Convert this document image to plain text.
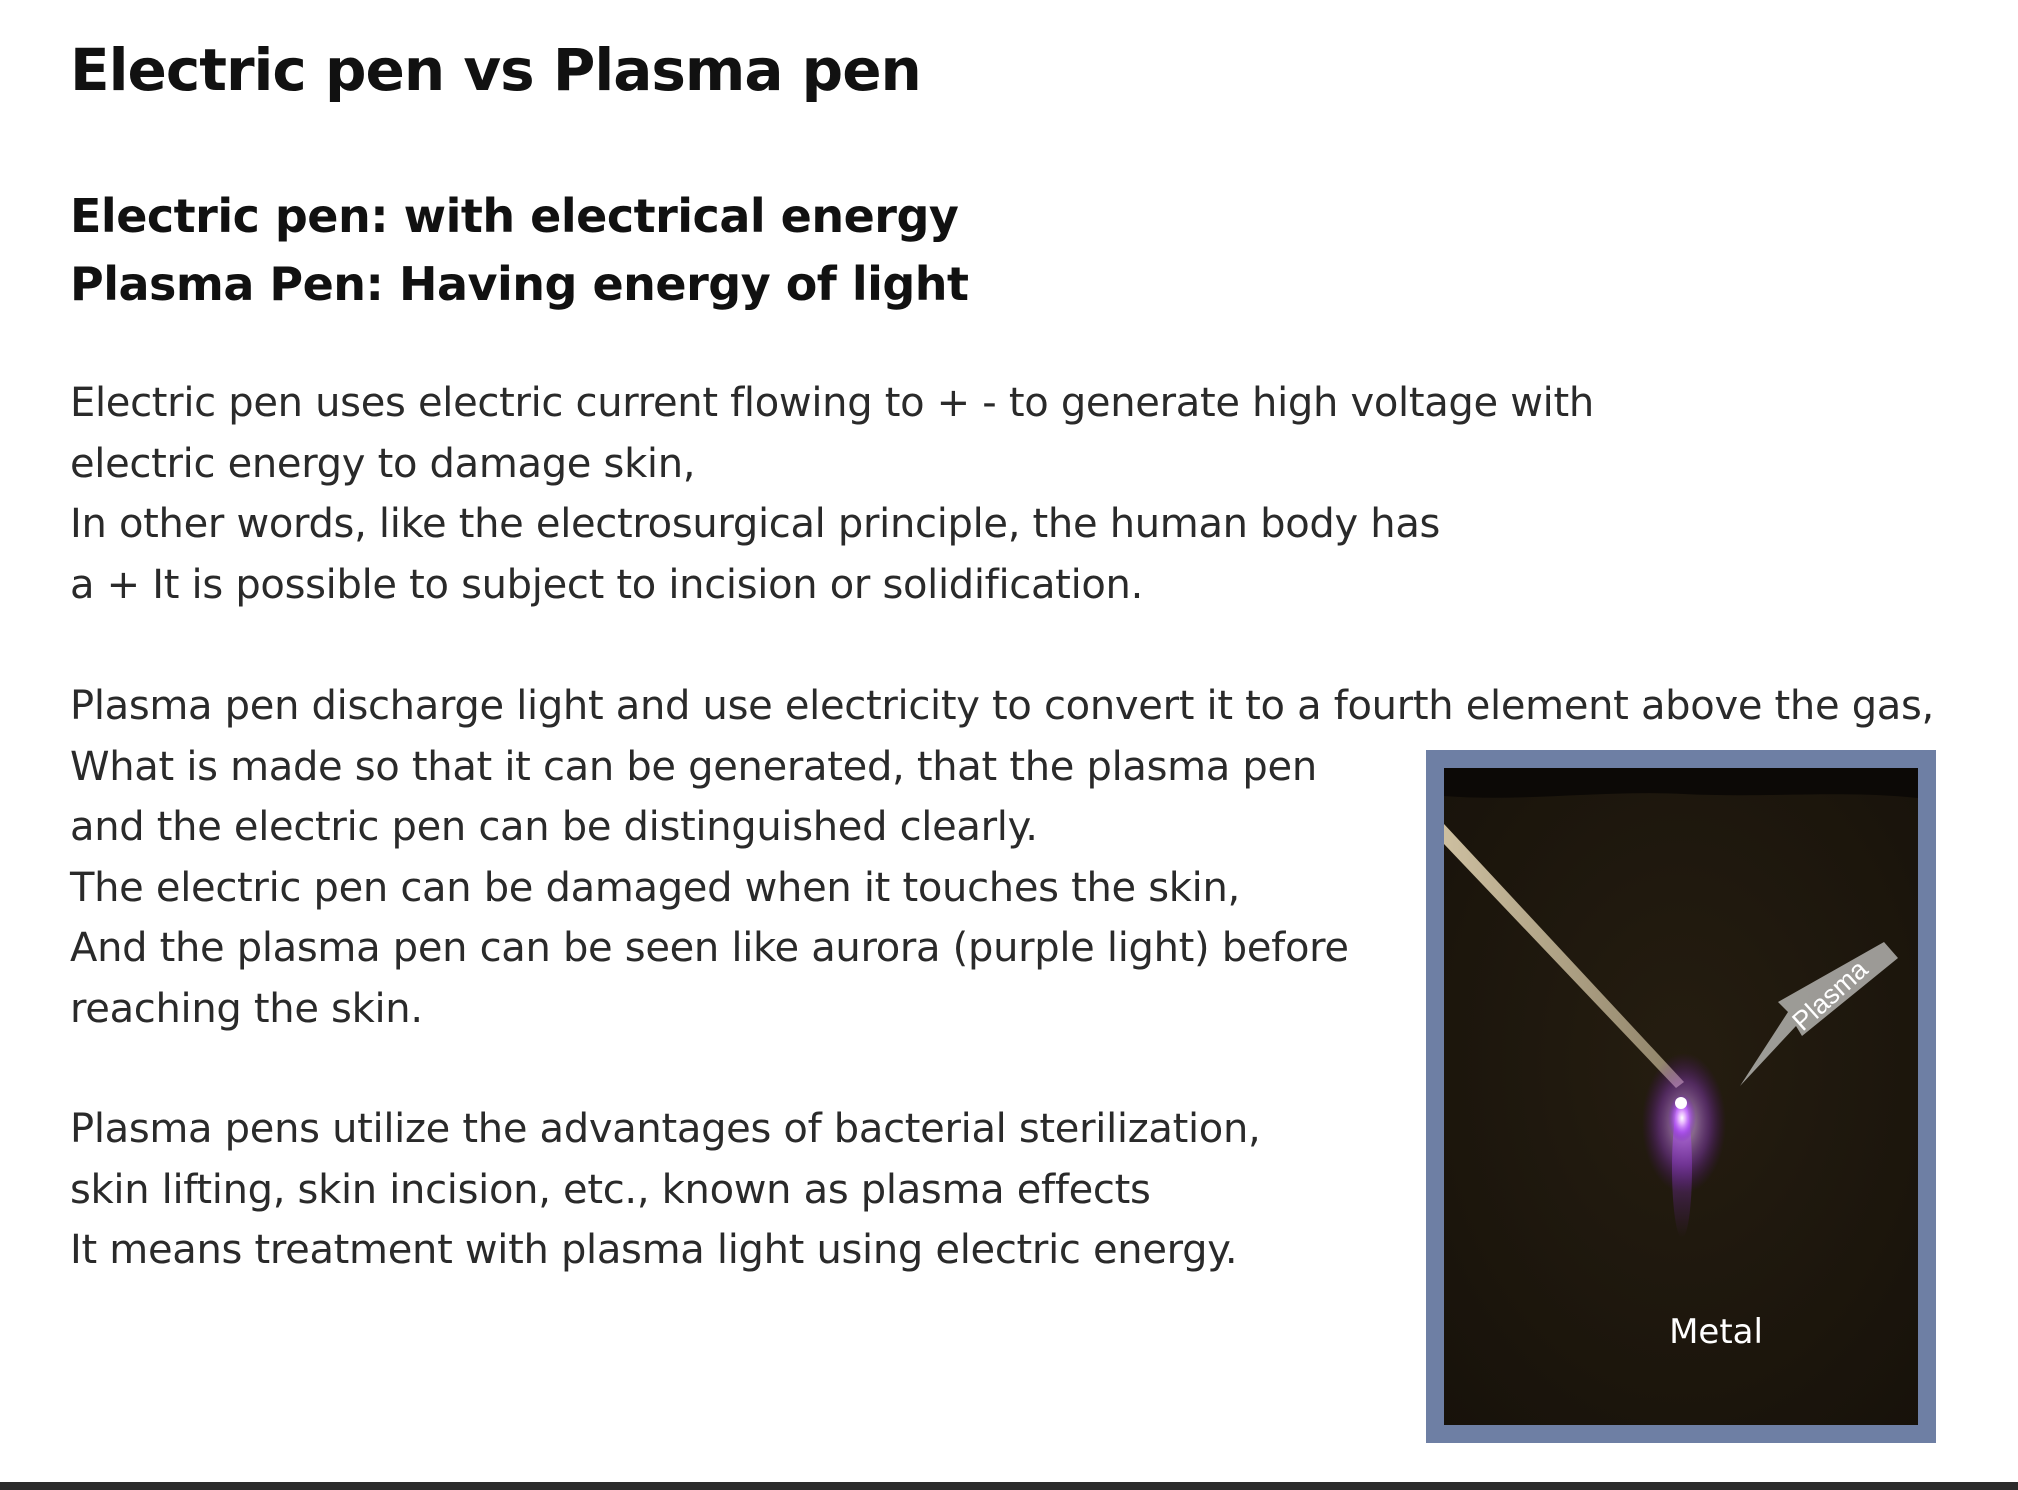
Electric pen vs Plasma pen

Electric pen: with electrical energy

Plasma Pen: Having energy of light

Electric pen uses electric current flowing to + - to generate high voltage with
electric energy to damage skin,
In other words, like the electrosurgical principle, the human body has
a + It is possible to subject to incision or solidification.
Plasma pen discharge light and use electricity to convert it to a fourth element above the gas,
What is made so that it can be generated, that the plasma pen
and the electric pen can be distinguished clearly.
The electric pen can be damaged when it touches the skin,
And the plasma pen can be seen like aurora (purple light) before
reaching the skin.
Plasma pens utilize the advantages of bacterial sterilization,
skin lifting, skin incision, etc., known as plasma effects
It means treatment with plasma light using electric energy.
Plasma
Metal
